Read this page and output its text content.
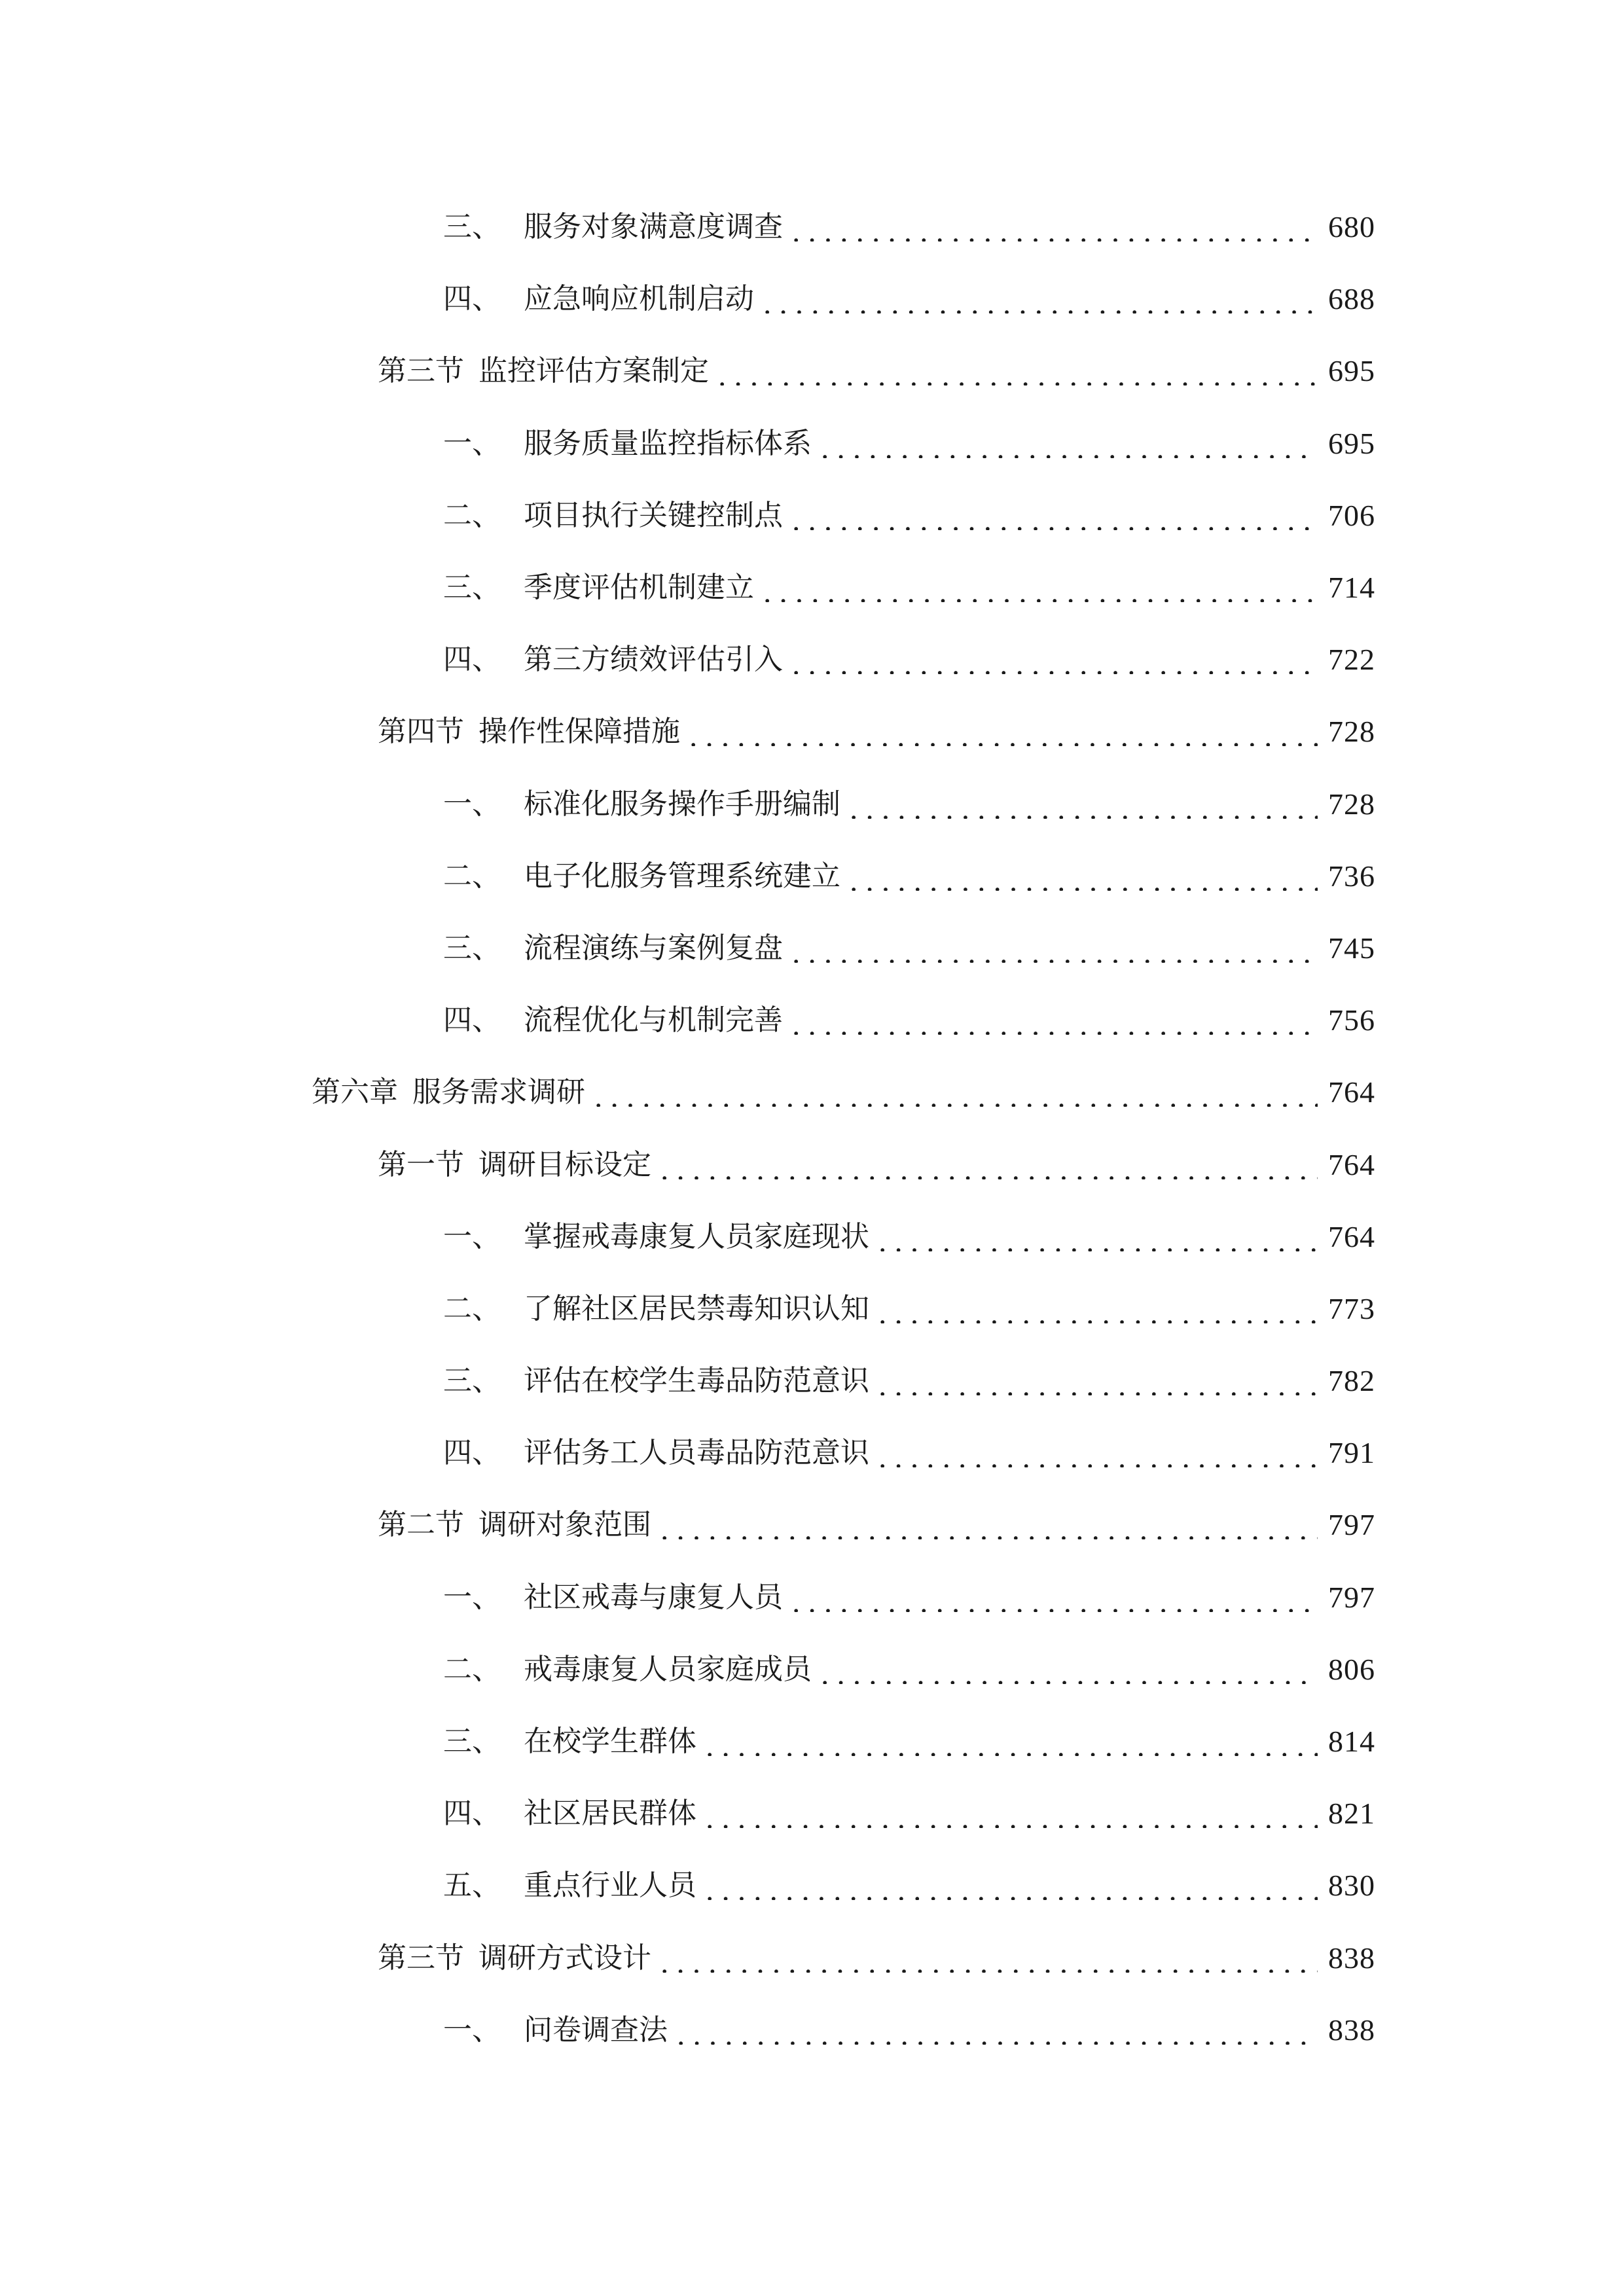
三、 服务对象满意度调查	680
四、 应急响应机制启动	688
第三节 监控评估方案制定	695
一、 服务质量监控指标体系	695
二、 项目执行关键控制点	706
三、 季度评估机制建立	714
四、 第三方绩效评估引入	722
第四节 操作性保障措施	728
一、 标准化服务操作手册编制	728
二、 电子化服务管理系统建立	736
三、 流程演练与案例复盘	745
四、 流程优化与机制完善	756
第六章 服务需求调研	764
第一节 调研目标设定	764
一、 掌握戒毒康复人员家庭现状	764
二、 了解社区居民禁毒知识认知	773
三、 评估在校学生毒品防范意识	782
四、 评估务工人员毒品防范意识	791
第二节 调研对象范围	797
一、 社区戒毒与康复人员	797
二、 戒毒康复人员家庭成员	806
三、 在校学生群体	814
四、 社区居民群体	821
五、 重点行业人员	830
第三节 调研方式设计	838
一、 问卷调查法	838
